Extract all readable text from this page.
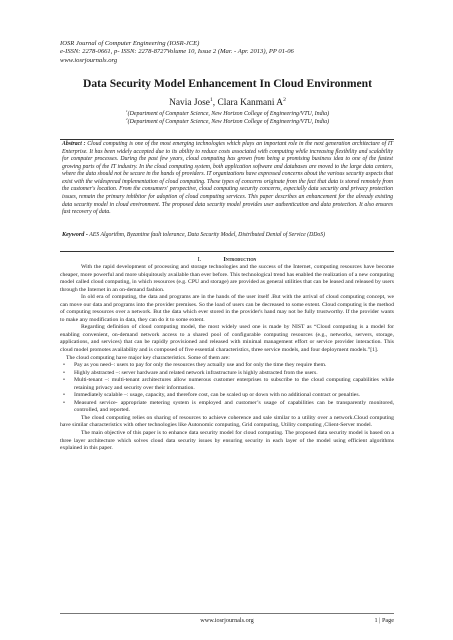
IOSR Journal of Computer Engineering (IOSR-JCE)
e-ISSN: 2278-0661, p- ISSN: 2278-8727Volume 10, Issue 2 (Mar. - Apr. 2013), PP 01-06
www.iosrjournals.org
Data Security Model Enhancement In Cloud Environment
Navia Jose$^1$, Clara Kanmani $A^2$
$^1$(Department of Computer Science, New Horizon College of Engineering/VTU, India)
$^2$(Department of Computer Science, New Horizon College of Engineering/VTU, India)

Abstract : Cloud computing is one of the most emerging technologies which plays an important role in the next generation architecture of IT Enterprise. It has been widely accepted due to its ability to reduce costs associated with computing while increasing flexibility and scalability for computer processes. During the past few years, cloud computing has grown from being a promising business idea to one of the fastest growing parts of the IT industry. In the cloud computing system, both application software and databases are moved to the large data centers, where the data should not be secure in the hands of providers. IT organizations have expressed concerns about the various security aspects that exist with the widespread implementation of cloud computing. These types of concerns originate from the fact that data is stored remotely from the customer's location. From the consumers' perspective, cloud computing security concerns, especially data security and privacy protection issues, remain the primary inhibitor for adoption of cloud computing services. This paper describes an enhancement for the already existing data security model in cloud environment. The proposed data security model provides user authentication and data protection. It also ensures fast recovery of data.

Keyword - AES Algorithm, Byzantine fault tolerance, Data Security Model, Distributed Denial of Service (DDoS)

I.	Introduction

With the rapid development of processing and storage technologies and the success of the Internet, computing resources have become cheaper, more powerful and more ubiquitously available than ever before. This technological trend has enabled the realization of a new computing model called cloud computing, in which resources (e.g. CPU and storage) are provided as general utilities that can be leased and released by users through the Internet in an on-demand fashion.

In old era of computing, the data and programs are in the hands of the user itself .But with the arrival of cloud computing concept, we can move our data and programs into the provider premises. So the load of users can be decreased to some extent. Cloud computing is the method of computing resources over a network. But the data which ever stored in the provider's hand may not be fully trustworthy. If the provider wants to make any modification in data, they can do it to some extent.

Regarding definition of cloud computing model, the most widely used one is made by NIST as “Cloud computing is a model for enabling convenient, on-demand network access to a shared pool of configurable computing resources (e.g., networks, servers, storage, applications, and services) that can be rapidly provisioned and released with minimal management effort or service provider interaction. This cloud model promotes availability and is composed of five essential characteristics, three service models, and four deployment models.”[1].

The cloud computing have major key characteristics. Some of them are:

• Pay as you need–: users to pay for only the resources they actually use and for only the time they require them.
• Highly abstracted –: server hardware and related network infrastructure is highly abstracted from the users.
• Multi-tenant –: multi-tenant architectures allow numerous customer enterprises to subscribe to the cloud computing capabilities while retaining privacy and security over their information.
• Immediately scalable –: usage, capacity, and therefore cost, can be scaled up or down with no additional contract or penalties.
• Measured service- appropriate metering system is employed and customer’s usage of capabilities can be transparently monitored, controlled, and reported.

The cloud computing relies on sharing of resources to achieve coherence and sale similar to a utility over a network.Cloud computing have similar characteristics with other technologies like Autonomic computing, Grid computing, Utility computing ,Client-Server model.

The main objective of this paper is to enhance data security model for cloud computing. The proposed data security model is based on a three layer architecture which solves cloud data security issues by ensuring security in each layer of the model using efficient algorithms explained in this paper.

www.iosrjournals.org	1 | Page
